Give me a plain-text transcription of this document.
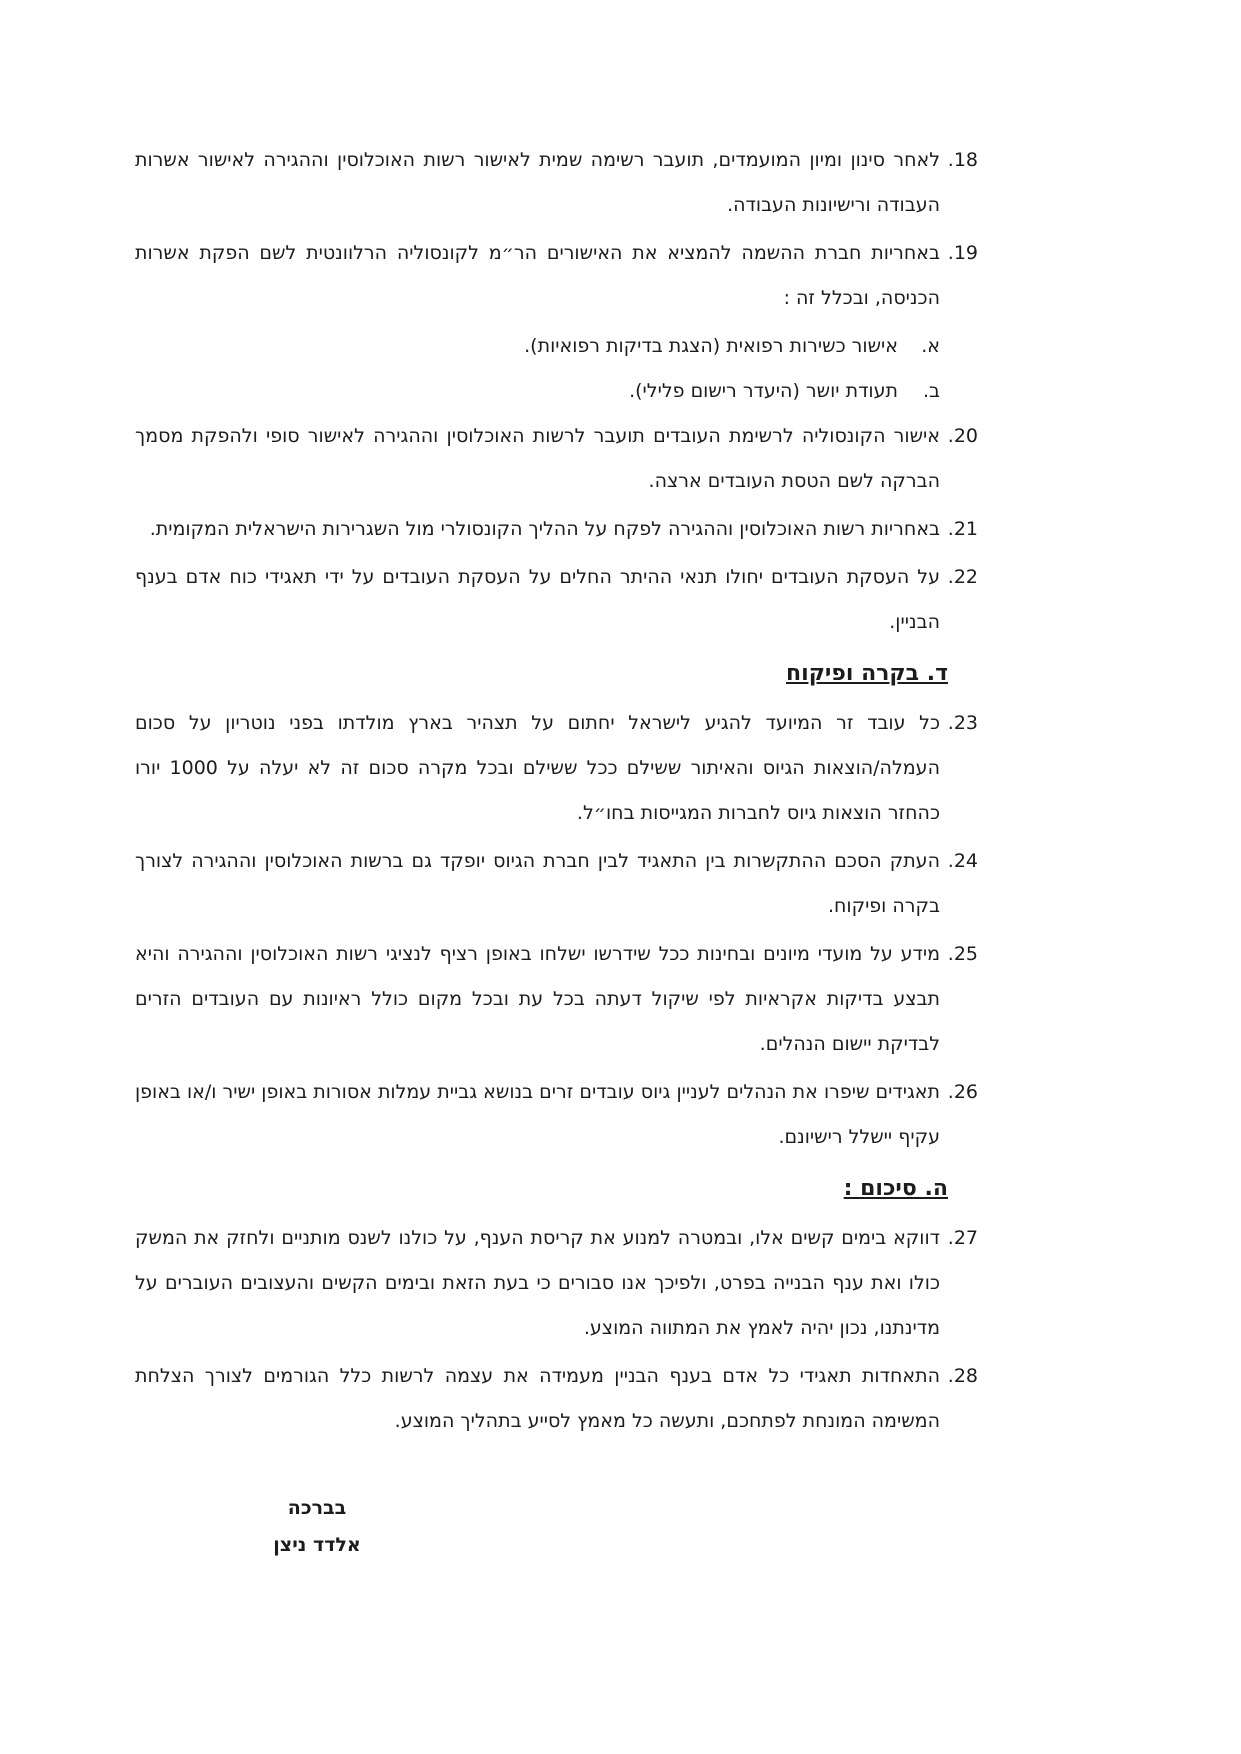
18.
לאחר סינון ומיון המועמדים, תועבר רשימה שמית לאישור רשות האוכלוסין וההגירה לאישור אשרות העבודה ורישיונות העבודה.
19.
באחריות חברת ההשמה להמציא את האישורים הר״מ לקונסוליה הרלוונטית לשם הפקת אשרות הכניסה, ובכלל זה :
א.
אישור כשירות רפואית (הצגת בדיקות רפואיות).
ב.
תעודת יושר (היעדר רישום פלילי).
20.
אישור הקונסוליה לרשימת העובדים תועבר לרשות האוכלוסין וההגירה לאישור סופי ולהפקת מסמך הברקה לשם הטסת העובדים ארצה.
21.
באחריות רשות האוכלוסין וההגירה לפקח על ההליך הקונסולרי מול השגרירות הישראלית המקומית.
22.
על העסקת העובדים יחולו תנאי ההיתר החלים על העסקת העובדים על ידי תאגידי כוח אדם בענף הבניין.
ד. בקרה ופיקוח
23.
כל עובד זר המיועד להגיע לישראל יחתום על תצהיר בארץ מולדתו בפני נוטריון על סכום העמלה/הוצאות הגיוס והאיתור ששילם ככל ששילם ובכל מקרה סכום זה לא יעלה על 1000 יורו כהחזר הוצאות גיוס לחברות המגייסות בחו״ל.
24.
העתק הסכם ההתקשרות בין התאגיד לבין חברת הגיוס יופקד גם ברשות האוכלוסין וההגירה לצורך בקרה ופיקוח.
25.
מידע על מועדי מיונים ובחינות ככל שידרשו ישלחו באופן רציף לנציגי רשות האוכלוסין וההגירה והיא תבצע בדיקות אקראיות לפי שיקול דעתה בכל עת ובכל מקום כולל ראיונות עם העובדים הזרים לבדיקת יישום הנהלים.
26.
תאגידים שיפרו את הנהלים לעניין גיוס עובדים זרים בנושא גביית עמלות אסורות באופן ישיר ו/או באופן עקיף יישלל רישיונם.
ה. סיכום :
27.
דווקא בימים קשים אלו, ובמטרה למנוע את קריסת הענף, על כולנו לשנס מותניים ולחזק את המשק כולו ואת ענף הבנייה בפרט, ולפיכך אנו סבורים כי בעת הזאת ובימים הקשים והעצובים העוברים על מדינתנו, נכון יהיה לאמץ את המתווה המוצע.
28.
התאחדות תאגידי כל אדם בענף הבניין מעמידה את עצמה לרשות כלל הגורמים לצורך הצלחת המשימה המונחת לפתחכם, ותעשה כל מאמץ לסייע בתהליך המוצע.
בברכה
אלדד ניצן
